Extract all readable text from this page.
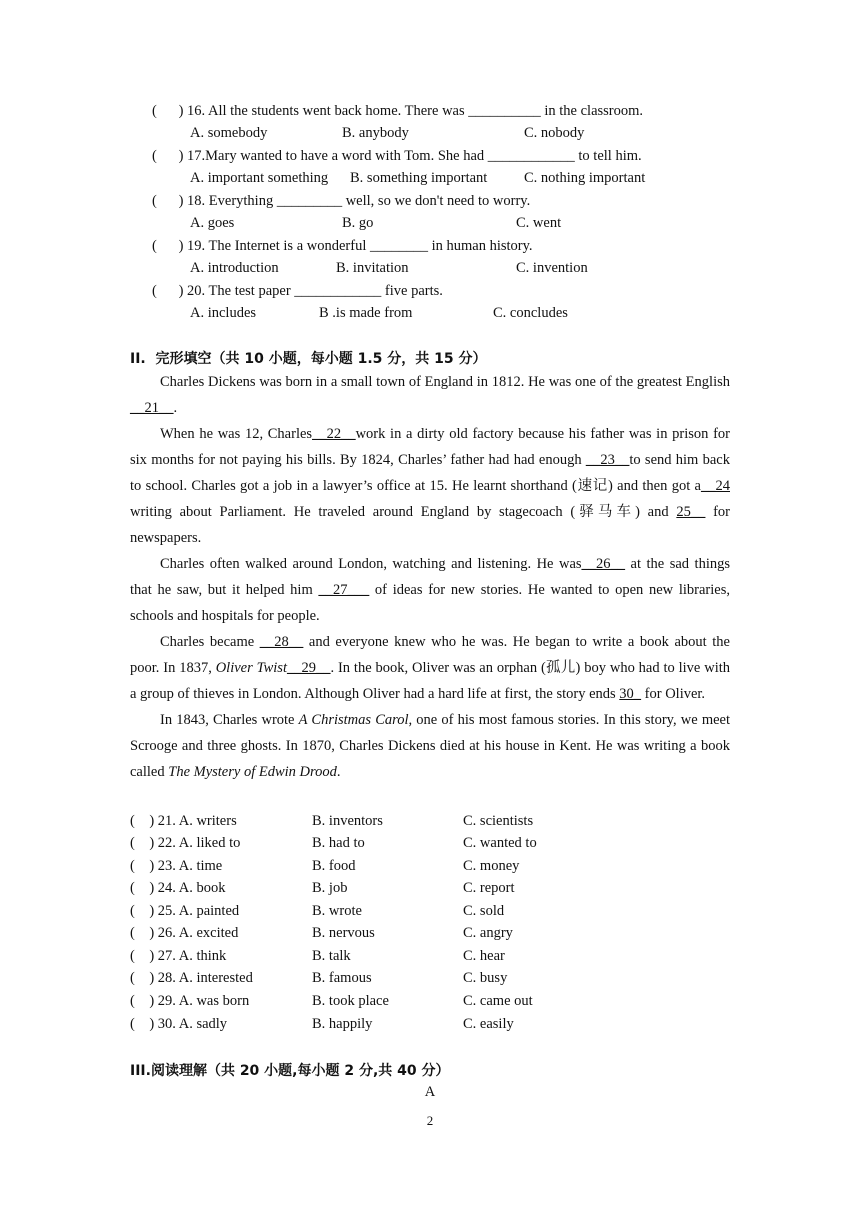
(      ) 16. All the students went back home. There was __________ in the classroom.
A. somebody	B. anybody	C. nobody
(      ) 17.Mary wanted to have a word with Tom. She had ____________ to tell him.
A. important something B. something important	C. nothing important
(      ) 18. Everything _________ well, so we don't need to worry.
A. goes	B. go	C. went
(      ) 19. The Internet is a wonderful ________ in human history.
A. introduction	B. invitation	C. invention
(      ) 20. The test paper ____________ five parts.
A. includes	B .is made from	C. concludes
II.  完形填空（共 10 小题，每小题 1.5 分，共 15 分）

Charles Dickens was born in a small town of England in 1812. He was one of the greatest English __21__.

When he was 12, Charles__22__work in a dirty old factory because his father was in prison for six months for not paying his bills. By 1824, Charles’ father had had enough __23__to send him back to school. Charles got a job in a lawyer’s office at 15. He learnt shorthand (速记) and then got a__24 writing about Parliament. He traveled around England by stagecoach (驿马车) and 25__ for newspapers.

Charles often walked around London, watching and listening. He was__26__ at the sad things that he saw, but it helped him __27___ of ideas for new stories. He wanted to open new libraries, schools and hospitals for people.

Charles became __28__ and everyone knew who he was. He began to write a book about the poor. In 1837, Oliver Twist__29__. In the book, Oliver was an orphan (孤儿) boy who had to live with a group of thieves in London. Although Oliver had a hard life at first, the story ends 30_ for Oliver.

In 1843, Charles wrote A Christmas Carol, one of his most famous stories. In this story, we meet Scrooge and three ghosts. In 1870, Charles Dickens died at his house in Kent. He was writing a book called The Mystery of Edwin Drood.

(    ) 21. A. writers	B. inventors	C. scientists
(    ) 22. A. liked to	B. had to	C. wanted to
(    ) 23. A. time	B. food	C. money
(    ) 24. A. book	B. job	C. report
(    ) 25. A. painted	B. wrote	C. sold
(    ) 26. A. excited	B. nervous	C. angry
(    ) 27. A. think	B. talk	C. hear
(    ) 28. A. interested	B. famous	C. busy
(    ) 29. A. was born	B. took place	C. came out
(    ) 30. A. sadly	B. happily	C. easily
III.阅读理解（共 20 小题,每小题 2 分,共 40 分）
A
2
